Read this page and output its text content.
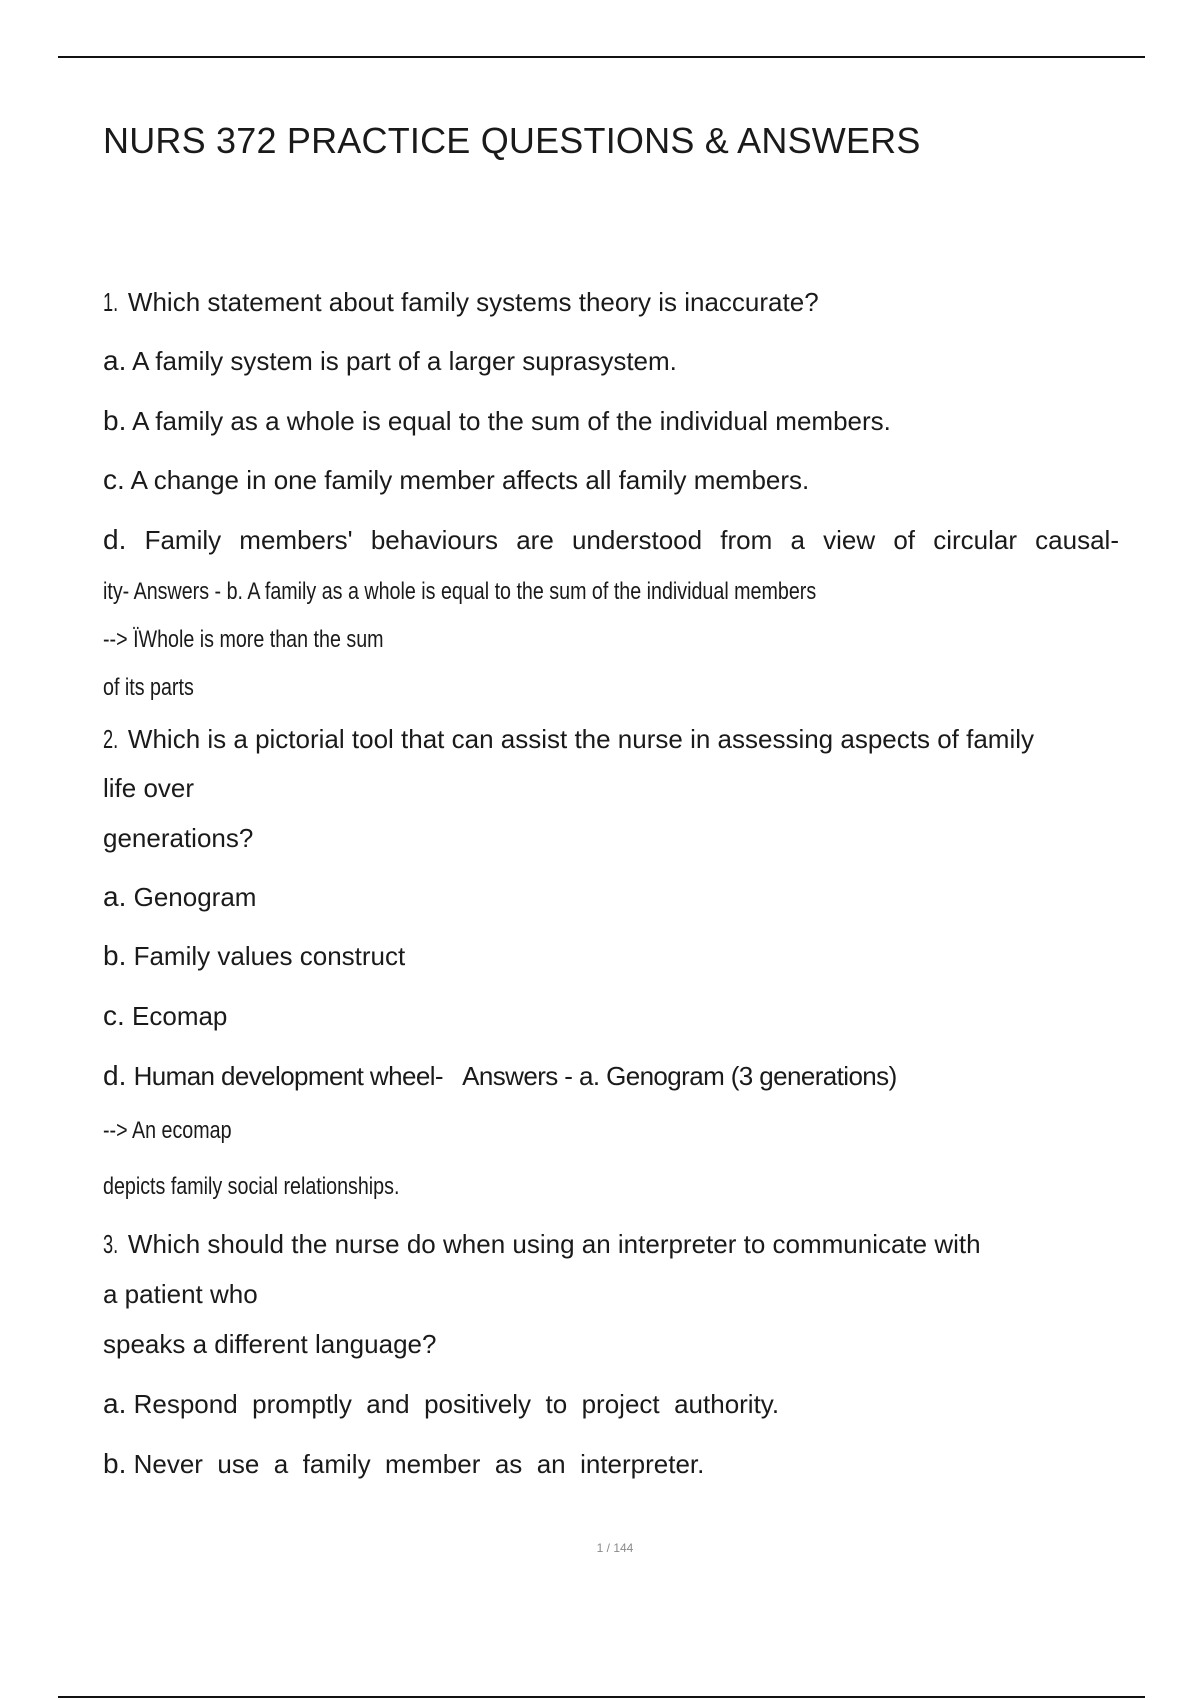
NURS 372 PRACTICE QUESTIONS & ANSWERS

1. Which statement about family systems theory is inaccurate?

a. A family system is part of a larger suprasystem.

b. A family as a whole is equal to the sum of the individual members.

c. A change in one family member affects all family members.

d. Family members' behaviours are understood from a view of circular causal-

ity- Answers - b. A family as a whole is equal to the sum of the individual members

--> ÏWhole is more than the sum

of its parts

2. Which is a pictorial tool that can assist the nurse in assessing aspects of family

life over

generations?

a. Genogram

b. Family values construct

c. Ecomap

d. Human development wheel- Answers - a. Genogram (3 generations)

--> An ecomap

depicts family social relationships.

3. Which should the nurse do when using an interpreter to communicate with

a patient who

speaks a different language?

a. Respond  promptly  and  positively  to  project  authority.

b. Never  use  a  family  member  as  an  interpreter.

1 / 144
